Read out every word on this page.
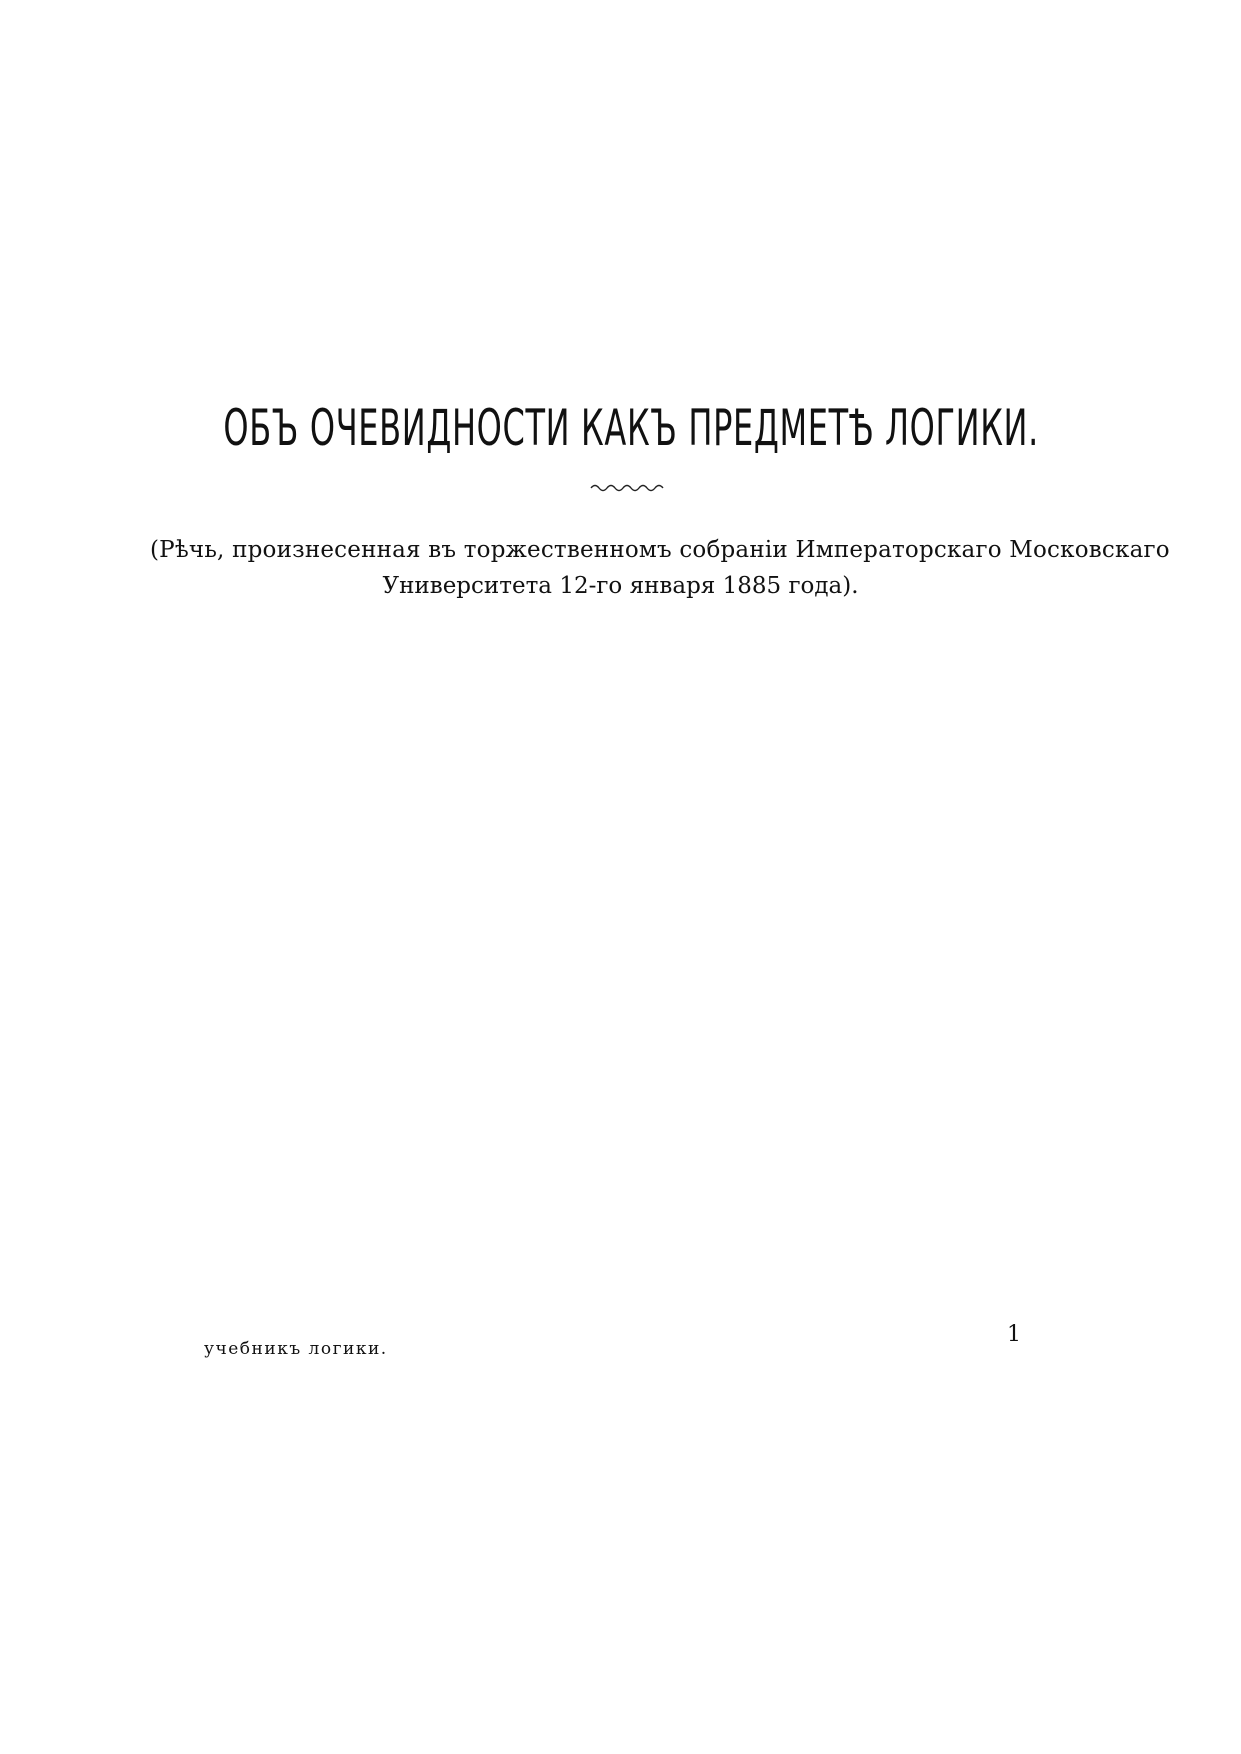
ОБЪ ОЧЕВИДНОСТИ КАКЪ ПРЕДМЕТѢ ЛОГИКИ.
(Рѣчь, произнесенная въ торжественномъ собраніи Императорскаго Московскаго
Университета 12-го января 1885 года).
учебникъ логики.
1
